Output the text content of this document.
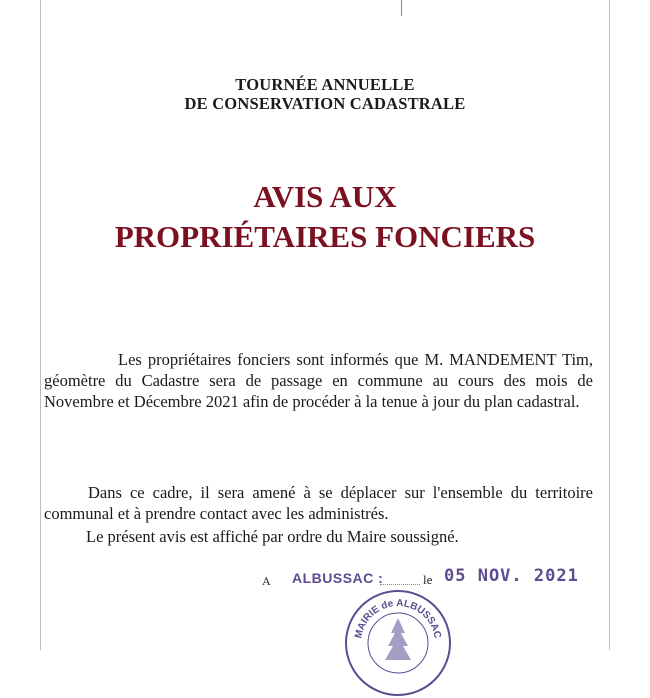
TOURNÉE ANNUELLE
DE CONSERVATION CADASTRALE
AVIS AUX
PROPRIÉTAIRES FONCIERS
Les propriétaires fonciers sont informés que M. MANDEMENT Tim, géomètre du Cadastre sera de passage en commune au cours des mois de Novembre et Décembre 2021 afin de procéder à la tenue à jour du plan cadastral.
Dans ce cadre, il sera amené à se déplacer sur l'ensemble du territoire communal et à prendre contact avec les administrés.
Le présent avis est affiché par ordre du Maire soussigné.
A ALBUSSAC :	le 05 NOV. 2021
MAIRIE de ALBUSSAC
